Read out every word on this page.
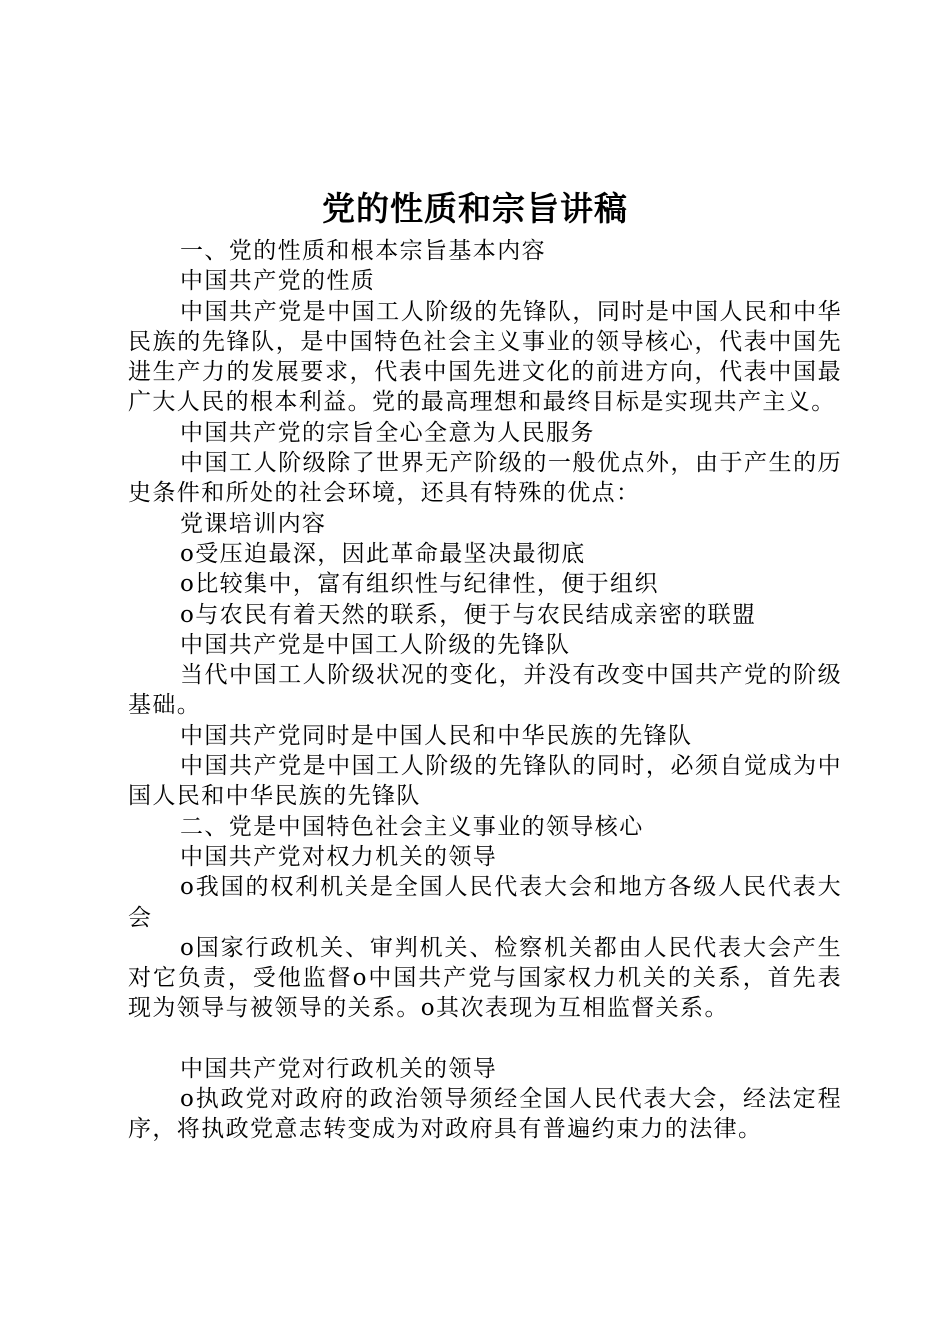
党的性质和宗旨讲稿

一、党的性质和根本宗旨基本内容

中国共产党的性质

中国共产党是中国工人阶级的先锋队，同时是中国人民和中华民族的先锋队，是中国特色社会主义事业的领导核心，代表中国先进生产力的发展要求，代表中国先进文化的前进方向，代表中国最广大人民的根本利益。党的最高理想和最终目标是实现共产主义。

中国共产党的宗旨全心全意为人民服务

中国工人阶级除了世界无产阶级的一般优点外，由于产生的历史条件和所处的社会环境，还具有特殊的优点：

党课培训内容

o受压迫最深，因此革命最坚决最彻底

o比较集中，富有组织性与纪律性，便于组织

o与农民有着天然的联系，便于与农民结成亲密的联盟

中国共产党是中国工人阶级的先锋队

当代中国工人阶级状况的变化，并没有改变中国共产党的阶级基础。

中国共产党同时是中国人民和中华民族的先锋队

中国共产党是中国工人阶级的先锋队的同时，必须自觉成为中国人民和中华民族的先锋队

二、党是中国特色社会主义事业的领导核心

中国共产党对权力机关的领导

o我国的权利机关是全国人民代表大会和地方各级人民代表大会

o国家行政机关、审判机关、检察机关都由人民代表大会产生对它负责，受他监督o中国共产党与国家权力机关的关系，首先表现为领导与被领导的关系。o其次表现为互相监督关系。

中国共产党对行政机关的领导

o执政党对政府的政治领导须经全国人民代表大会，经法定程序，将执政党意志转变成为对政府具有普遍约束力的法律。
